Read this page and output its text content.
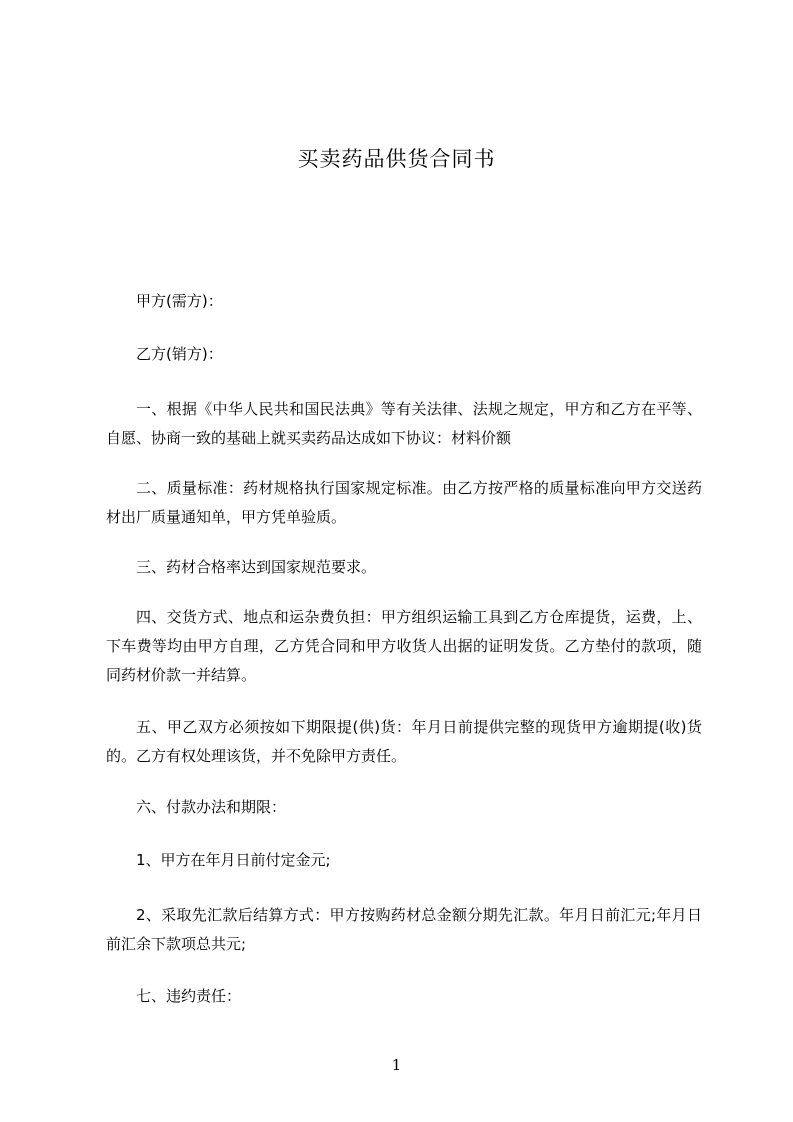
买卖药品供货合同书

甲方(需方)：

乙方(销方)：

一、根据《中华人民共和国民法典》等有关法律、法规之规定，甲方和乙方在平等、自愿、协商一致的基础上就买卖药品达成如下协议：材料价额

二、质量标准：药材规格执行国家规定标准。由乙方按严格的质量标准向甲方交送药材出厂质量通知单，甲方凭单验质。

三、药材合格率达到国家规范要求。

四、交货方式、地点和运杂费负担：甲方组织运输工具到乙方仓库提货，运费，上、下车费等均由甲方自理，乙方凭合同和甲方收货人出据的证明发货。乙方垫付的款项，随同药材价款一并结算。

五、甲乙双方必须按如下期限提(供)货：年月日前提供完整的现货甲方逾期提(收)货的。乙方有权处理该货，并不免除甲方责任。

六、付款办法和期限：

1、甲方在年月日前付定金元;

2、采取先汇款后结算方式：甲方按购药材总金额分期先汇款。年月日前汇元;年月日前汇余下款项总共元;

七、违约责任：

1
